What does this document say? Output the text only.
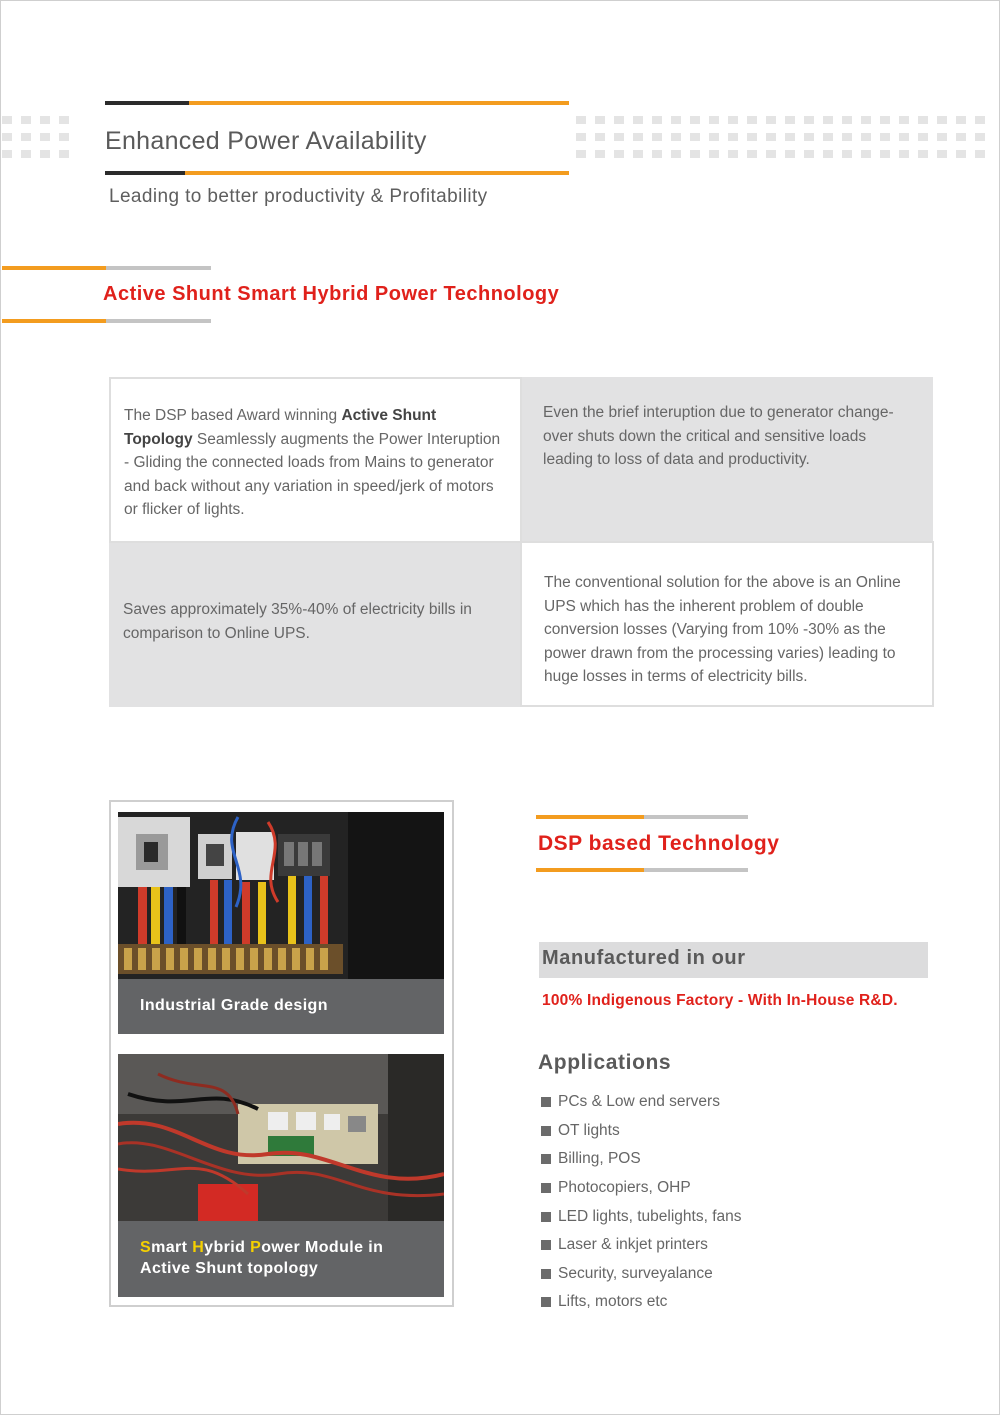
Enhanced Power Availability
Leading to better productivity & Profitability
Active Shunt Smart Hybrid Power Technology
The DSP based Award winning Active Shunt Topology Seamlessly augments the Power Interuption - Gliding the connected loads from Mains to generator and back without any variation in speed/jerk of motors or flicker of lights.
Even the brief interuption due to generator change-over shuts down the critical and sensitive loads leading to loss of data and productivity.
Saves approximately 35%-40% of electricity bills in comparison to Online UPS.
The conventional solution for the above is an Online UPS which has the inherent problem of double conversion losses (Varying from 10% -30% as the power drawn from the processing varies) leading to huge losses in terms of electricity bills.
Industrial Grade design
Smart Hybrid Power Module in
Active Shunt topology
DSP based Technology
Manufactured in our
100% Indigenous Factory - With In-House R&D.
Applications
PCs & Low end servers
OT lights
Billing, POS
Photocopiers, OHP
LED lights, tubelights, fans
Laser & inkjet printers
Security, surveyalance
Lifts, motors etc
